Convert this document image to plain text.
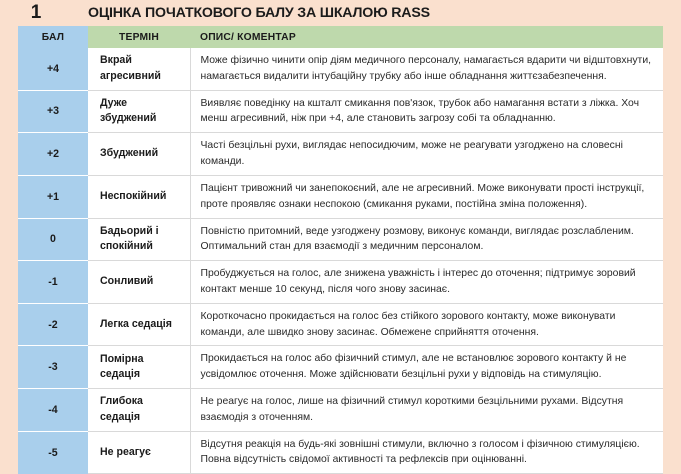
1	ОЦІНКА ПОЧАТКОВОГО БАЛУ ЗА ШКАЛОЮ RASS
БАЛ	ТЕРМІН	ОПИС/ КОМЕНТАР
+4	Вкрай агресивний	Може фізично чинити опір діям медичного персоналу, намагається вдарити чи відштовхнути, намагається видалити інтубаційну трубку або інше обладнання життєзабезпечення.
+3	Дуже збуджений	Виявляє поведінку на кшталт смикання пов'язок, трубок або намагання встати з ліжка. Хоч менш агресивний, ніж при +4, але становить загрозу собі та обладнанню.
+2	Збуджений	Часті безцільні рухи, виглядає непосидючим, може не реагувати узгоджено на словесні команди.
+1	Неспокійний	Пацієнт тривожний чи занепокоєний, але не агресивний. Може виконувати прості інструкції, проте проявляє ознаки неспокою (смикання руками, постійна зміна положення).
0	Бадьорий і спокійний	Повністю притомний, веде узгоджену розмову, виконує команди, виглядає розслабленим. Оптимальний стан для взаємодії з медичним персоналом.
-1	Сонливий	Пробуджується на голос, але знижена уважність і інтерес до оточення; підтримує зоровий контакт менше 10 секунд, після чого знову засинає.
-2	Легка седація	Короткочасно прокидається на голос без стійкого зорового контакту, може виконувати команди, але швидко знову засинає. Обмежене сприйняття оточення.
-3	Помірна седація	Прокидається на голос або фізичний стимул, але не встановлює зорового контакту й не усвідомлює оточення. Може здійснювати безцільні рухи у відповідь на стимуляцію.
-4	Глибока седація	Не реагує на голос, лише на фізичний стимул короткими безцільними рухами. Відсутня взаємодія з оточенням.
-5	Не реагує	Відсутня реакція на будь-які зовнішні стимули, включно з голосом і фізичною стимуляцією. Повна відсутність свідомої активності та рефлексів при оцінюванні.
